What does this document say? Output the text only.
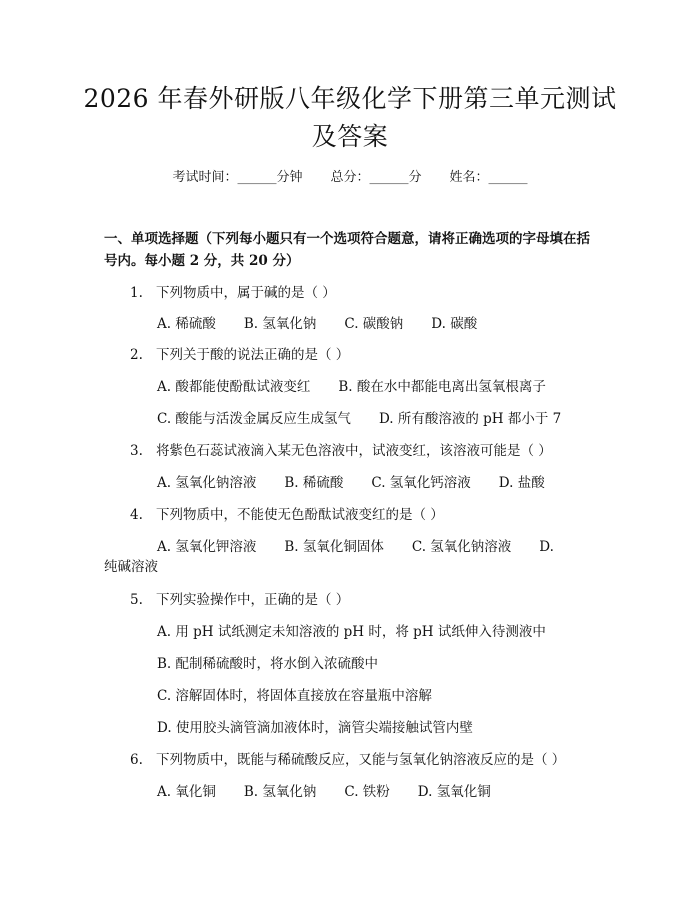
2026 年春外研版八年级化学下册第三单元测试及答案
考试时间：______分钟 总分：______分 姓名：______
一、单项选择题（下列每小题只有一个选项符合题意，请将正确选项的字母填在括号内。每小题 2 分，共 20 分）
1. 下列物质中，属于碱的是（ ）
A. 稀硫酸 B. 氢氧化钠 C. 碳酸钠 D. 碳酸
2. 下列关于酸的说法正确的是（ ）
A. 酸都能使酚酞试液变红 B. 酸在水中都能电离出氢氧根离子
C. 酸能与活泼金属反应生成氢气 D. 所有酸溶液的 pH 都小于 7
3. 将紫色石蕊试液滴入某无色溶液中，试液变红，该溶液可能是（ ）
A. 氢氧化钠溶液 B. 稀硫酸 C. 氢氧化钙溶液 D. 盐酸
4. 下列物质中，不能使无色酚酞试液变红的是（ ）
A. 氢氧化钾溶液 B. 氢氧化铜固体 C. 氢氧化钠溶液 D.
纯碱溶液
5. 下列实验操作中，正确的是（ ）
A. 用 pH 试纸测定未知溶液的 pH 时，将 pH 试纸伸入待测液中
B. 配制稀硫酸时，将水倒入浓硫酸中
C. 溶解固体时，将固体直接放在容量瓶中溶解
D. 使用胶头滴管滴加液体时，滴管尖端接触试管内壁
6. 下列物质中，既能与稀硫酸反应，又能与氢氧化钠溶液反应的是（ ）
A. 氧化铜 B. 氢氧化钠 C. 铁粉 D. 氢氧化铜
